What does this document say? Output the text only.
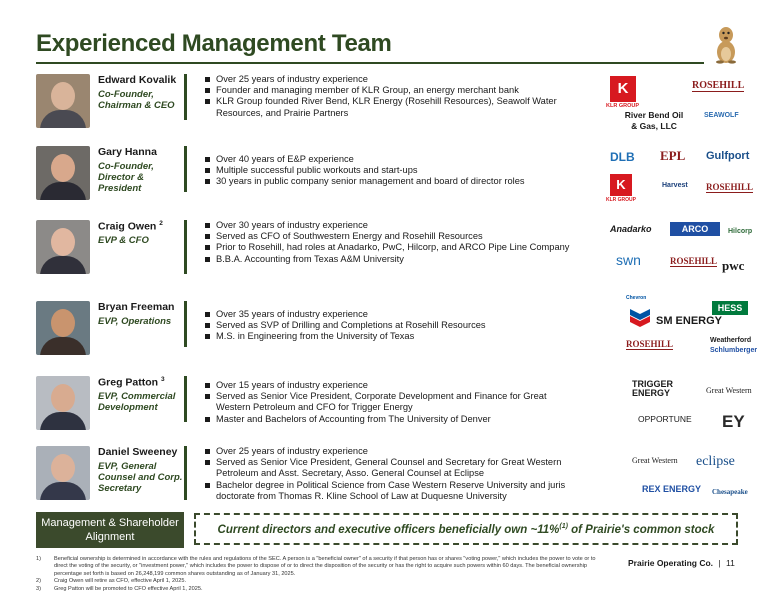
Experienced Management Team
Edward Kovalik
Co-Founder, Chairman & CEO
Over 25 years of industry experience
Founder and managing member of KLR Group, an energy merchant bank
KLR Group founded River Bend, KLR Energy (Rosehill Resources), Seawolf Water Resources, and Prairie Partners
K
KLR GROUP
ROSEHILL
River Bend Oil & Gas, LLC
SEAWOLF
Gary Hanna
Co-Founder, Director & President
Over 40 years of E&P experience
Multiple successful public workouts and start-ups
30 years in public company senior management and board of director roles
DLB EPL Gulfport
K
KLR GROUP
Harvest ROSEHILL
Craig Owen $^2$
EVP & CFO
Over 30 years of industry experience
Served as CFO of Southwestern Energy and Rosehill Resources
Prior to Rosehill, had roles at Anadarko, PwC, Hilcorp, and ARCO Pipe Line Company
B.B.A. Accounting from Texas A&M University
Anadarko	ARCO	Hilcorp
swn	ROSEHILL pwc
Bryan Freeman
EVP, Operations
Over 35 years of industry experience
Served as SVP of Drilling and Completions at Rosehill Resources
M.S. in Engineering from the University of Texas
Chevron
SM ENERGY
HESS
ROSEHILL	Weatherford
Schlumberger
Greg Patton $^3$
EVP, Commercial Development
Over 15 years of industry experience
Served as Senior Vice President, Corporate Development and Finance for Great Western Petroleum and CFO for Trigger Energy
Master and Bachelors of Accounting from The University of Denver
TRIGGER ENERGY	Great Western
OPPORTUNE EY
Daniel Sweeney
EVP, General Counsel and Corp. Secretary
Over 25 years of industry experience
Served as Senior Vice President, General Counsel and Secretary for Great Western Petroleum and Asst. Secretary, Asso. General Counsel at Eclipse
Bachelor degree in Political Science from Case Western Reserve University and juris doctorate from Thomas R. Kline School of Law at Duquesne University
Great Western eclipse
REX ENERGY Chesapeake
Management & Shareholder Alignment
Current directors and executive officers beneficially own ~11%$^{(1)}$ of Prairie's common stock
1) Beneficial ownership is determined in accordance with the rules and regulations of the SEC. A person is a "beneficial owner" of a security if that person has or shares "voting power," which includes the power to vote or to direct the voting of the security, or "investment power," which includes the power to dispose of or to direct the disposition of the security or has the right to acquire such powers within 60 days. The beneficial ownership percentage set forth is based on 26,248,199 common shares outstanding as of January 31, 2025.
2) Craig Owen will retire as CFO, effective April 1, 2025.
3) Greg Patton will be promoted to CFO effective April 1, 2025.
Prairie Operating Co. | 11
